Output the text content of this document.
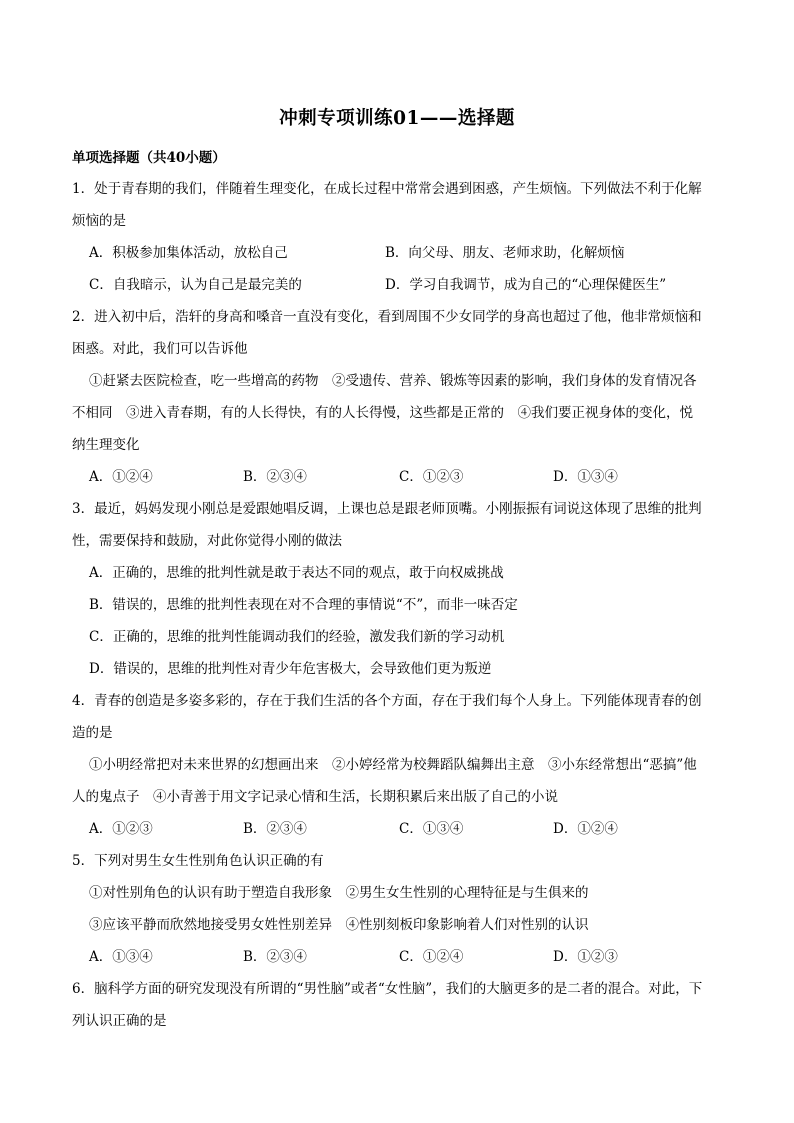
冲刺专项训练01——选择题
单项选择题（共40小题）
1．处于青春期的我们，伴随着生理变化，在成长过程中常常会遇到困惑，产生烦恼。下列做法不利于化解
烦恼的是
A．积极参加集体活动，放松自己	B．向父母、朋友、老师求助，化解烦恼
C．自我暗示，认为自己是最完美的	D．学习自我调节，成为自己的“心理保健医生”
2．进入初中后，浩轩的身高和嗓音一直没有变化，看到周围不少女同学的身高也超过了他，他非常烦恼和
困惑。对此，我们可以告诉他
①赶紧去医院检查，吃一些增高的药物　②受遗传、营养、锻炼等因素的影响，我们身体的发育情况各
不相同　③进入青春期，有的人长得快，有的人长得慢，这些都是正常的　④我们要正视身体的变化，悦
纳生理变化
A．①②④	B．②③④	C．①②③	D．①③④
3．最近，妈妈发现小刚总是爱跟她唱反调，上课也总是跟老师顶嘴。小刚振振有词说这体现了思维的批判
性，需要保持和鼓励，对此你觉得小刚的做法
A．正确的，思维的批判性就是敢于表达不同的观点，敢于向权威挑战
B．错误的，思维的批判性表现在对不合理的事情说“不”，而非一味否定
C．正确的，思维的批判性能调动我们的经验，激发我们新的学习动机
D．错误的，思维的批判性对青少年危害极大，会导致他们更为叛逆
4．青春的创造是多姿多彩的，存在于我们生活的各个方面，存在于我们每个人身上。下列能体现青春的创
造的是
①小明经常把对未来世界的幻想画出来　②小婷经常为校舞蹈队编舞出主意　③小东经常想出“恶搞”他
人的鬼点子　④小青善于用文字记录心情和生活，长期积累后来出版了自己的小说
A．①②③	B．②③④	C．①③④	D．①②④
5．下列对男生女生性别角色认识正确的有
①对性别角色的认识有助于塑造自我形象　②男生女生性别的心理特征是与生俱来的
③应该平静而欣然地接受男女姓性别差异　④性别刻板印象影响着人们对性别的认识
A．①③④	B．②③④	C．①②④	D．①②③
6．脑科学方面的研究发现没有所谓的“男性脑”或者“女性脑”，我们的大脑更多的是二者的混合。对此，下
列认识正确的是
